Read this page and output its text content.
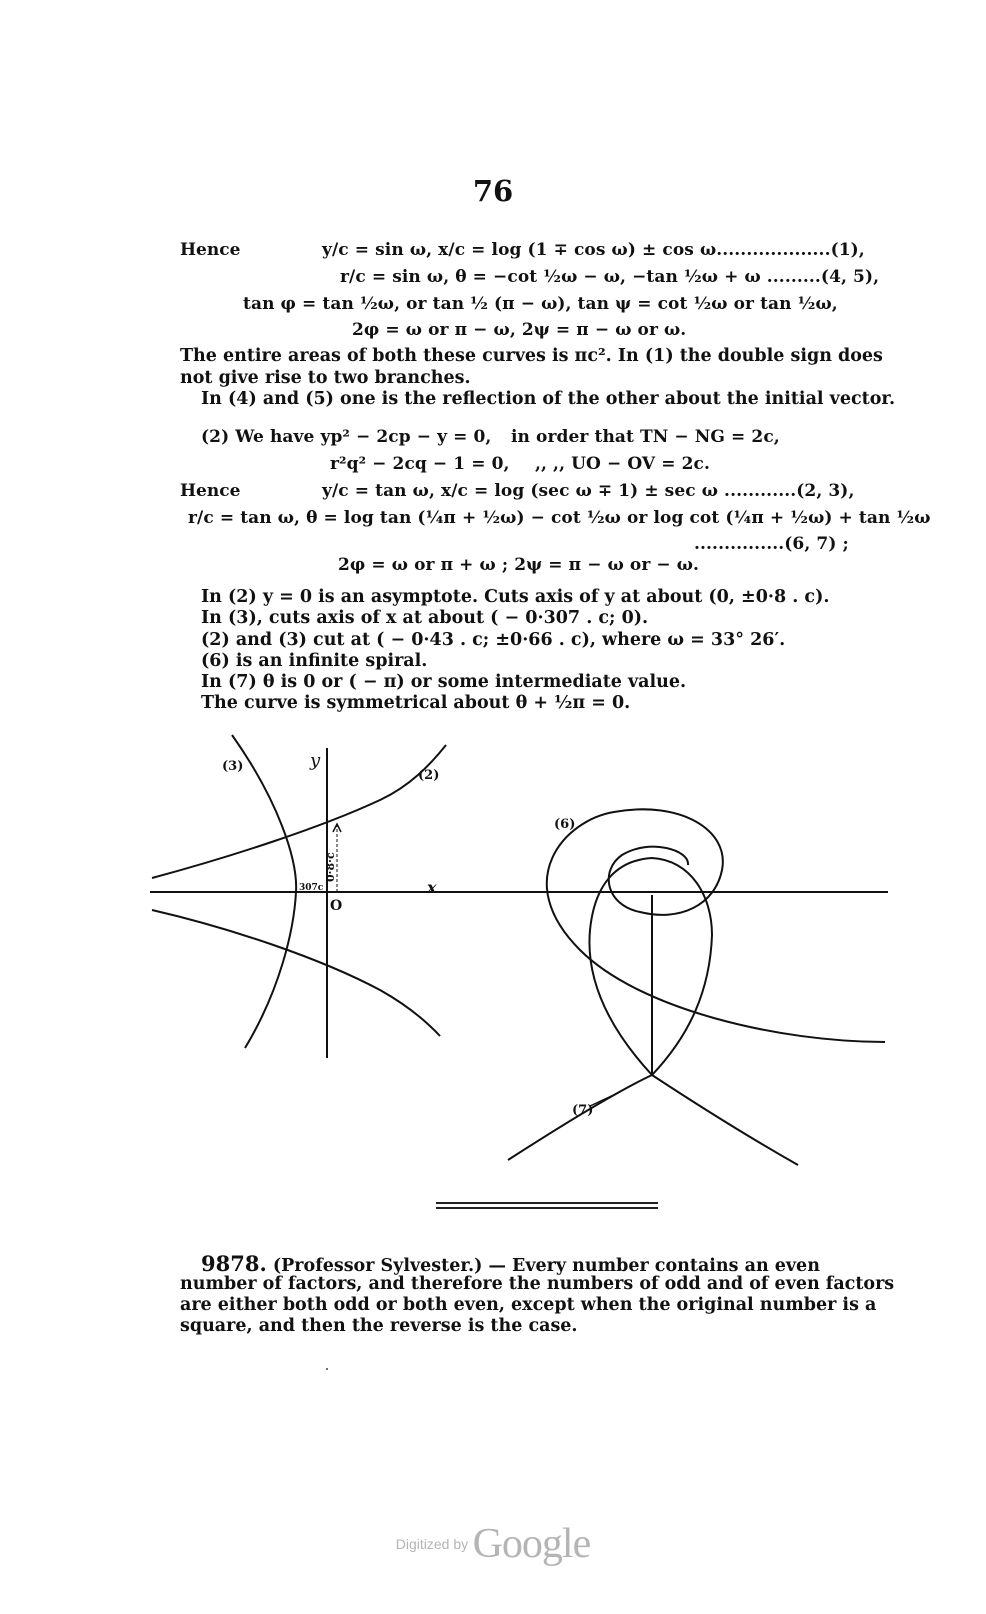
76
Hence	y/c = sin ω, x/c = log (1 ∓ cos ω) ± cos ω...................(1),
r/c = sin ω, θ = −cot ½ω − ω, −tan ½ω + ω .........(4, 5),
tan φ = tan ½ω, or tan ½ (π − ω), tan ψ = cot ½ω or tan ½ω,
2φ = ω or π − ω, 2ψ = π − ω or ω.
The entire areas of both these curves is πc². In (1) the double sign does
not give rise to two branches.
In (4) and (5) one is the reflection of the other about the initial vector.
(2) We have yp² − 2cp − y = 0, in order that TN − NG = 2c,
r²q² − 2cq − 1 = 0, ,, ,, UO − OV = 2c.
Hence	y/c = tan ω, x/c = log (sec ω ∓ 1) ± sec ω ............(2, 3),
r/c = tan ω, θ = log tan (¼π + ½ω) − cot ½ω or log cot (¼π + ½ω) + tan ½ω
...............(6, 7) ;
2φ = ω or π + ω ; 2ψ = π − ω or − ω.
In (2) y = 0 is an asymptote. Cuts axis of y at about (0, ±0·8 . c).
In (3), cuts axis of x at about ( − 0·307 . c; 0).
(2) and (3) cut at ( − 0·43 . c; ±0·66 . c), where ω = 33° 26′.
(6) is an infinite spiral.
In (7) θ is 0 or ( − π) or some intermediate value.
The curve is symmetrical about θ + ½π = 0.
(3)
(2)
(6)
(7)
x
O
307c
y
0·8·c
9878. (Professor Sylvester.) — Every number contains an even
number of factors, and therefore the numbers of odd and of even factors
are either both odd or both even, except when the original number is a
square, and then the reverse is the case.
Digitized by Google
